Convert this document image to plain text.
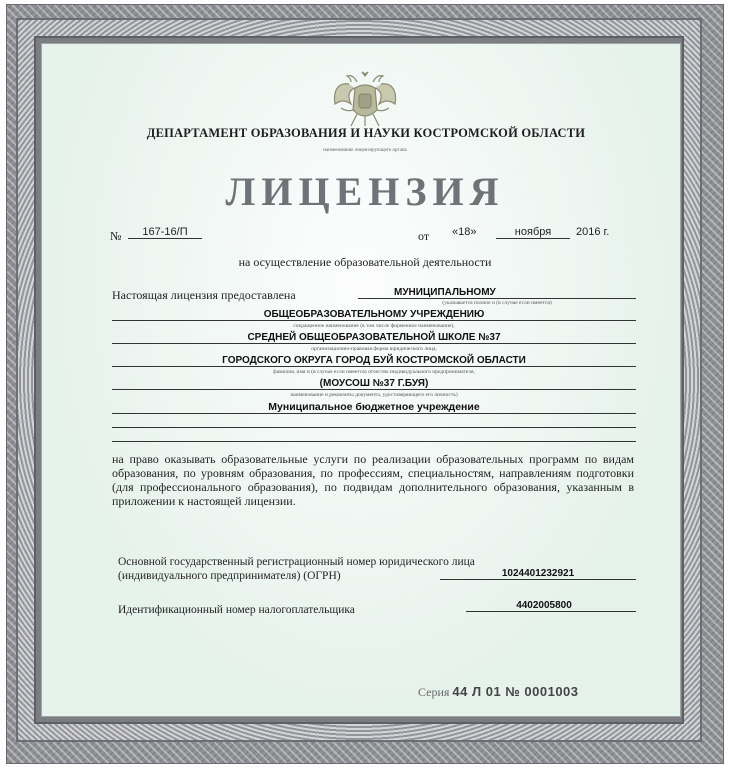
ДЕПАРТАМЕНТ ОБРАЗОВАНИЯ И НАУКИ КОСТРОМСКОЙ ОБЛАСТИ
наименование лицензирующего органа
ЛИЦЕНЗИЯ
№	167-16/П	от «18»	ноября	2016 г.
на осуществление образовательной деятельности
Настоящая лицензия предоставлена	МУНИЦИПАЛЬНОМУ
(указывается полное и (в случае если имеется)
ОБЩЕОБРАЗОВАТЕЛЬНОМУ УЧРЕЖДЕНИЮ
сокращенное наименование (в том числе фирменное наименование),
СРЕДНЕЙ ОБЩЕОБРАЗОВАТЕЛЬНОЙ ШКОЛЕ №37
организационно-правовая форма юридического лица,
ГОРОДСКОГО ОКРУГА ГОРОД БУЙ КОСТРОМСКОЙ ОБЛАСТИ
фамилия, имя и (в случае если имеется) отчество индивидуального предпринимателя,
(МОУСОШ №37 Г.БУЯ)
наименование и реквизиты документа, удостоверяющего его личность)
Муниципальное бюджетное учреждение
на право оказывать образовательные услуги по реализации образовательных программ по видам образования, по уровням образования, по профессиям, специальностям, направлениям подготовки (для профессионального образования), по подвидам дополнительного образования, указанным в приложении к настоящей лицензии.
Основной государственный регистрационный номер юридического лица
(индивидуального предпринимателя) (ОГРН)	1024401232921
Идентификационный номер налогоплательщика	4402005800
Серия 44 Л 01 № 0001003
